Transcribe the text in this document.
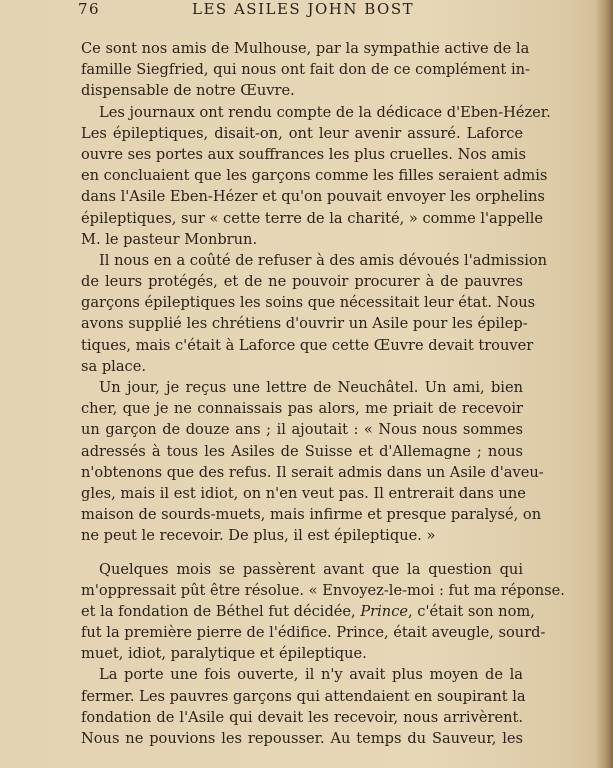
76	LES ASILES JOHN BOST
Ce sont nos amis de Mulhouse, par la sympathie active de la
famille Siegfried, qui nous ont fait don de ce complément in-
dispensable de notre Œuvre.
Les journaux ont rendu compte de la dédicace d'Eben-Hézer.
Les épileptiques, disait-on, ont leur avenir assuré. Laforce
ouvre ses portes aux souffrances les plus cruelles. Nos amis
en concluaient que les garçons comme les filles seraient admis
dans l'Asile Eben-Hézer et qu'on pouvait envoyer les orphelins
épileptiques, sur « cette terre de la charité, » comme l'appelle
M. le pasteur Monbrun.
Il nous en a coûté de refuser à des amis dévoués l'admission
de leurs protégés, et de ne pouvoir procurer à de pauvres
garçons épileptiques les soins que nécessitait leur état. Nous
avons supplié les chrétiens d'ouvrir un Asile pour les épilep-
tiques, mais c'était à Laforce que cette Œuvre devait trouver
sa place.
Un jour, je reçus une lettre de Neuchâtel. Un ami, bien
cher, que je ne connaissais pas alors, me priait de recevoir
un garçon de douze ans ; il ajoutait : « Nous nous sommes
adressés à tous les Asiles de Suisse et d'Allemagne ; nous
n'obtenons que des refus. Il serait admis dans un Asile d'aveu-
gles, mais il est idiot, on n'en veut pas. Il entrerait dans une
maison de sourds-muets, mais infirme et presque paralysé, on
ne peut le recevoir. De plus, il est épileptique. »
Quelques mois se passèrent avant que la question qui
m'oppressait pût être résolue. « Envoyez-le-moi : fut ma réponse.
et la fondation de Béthel fut décidée, Prince, c'était son nom,
fut la première pierre de l'édifice. Prince, était aveugle, sourd-
muet, idiot, paralytique et épileptique.
La porte une fois ouverte, il n'y avait plus moyen de la
fermer. Les pauvres garçons qui attendaient en soupirant la
fondation de l'Asile qui devait les recevoir, nous arrivèrent.
Nous ne pouvions les repousser. Au temps du Sauveur, les
